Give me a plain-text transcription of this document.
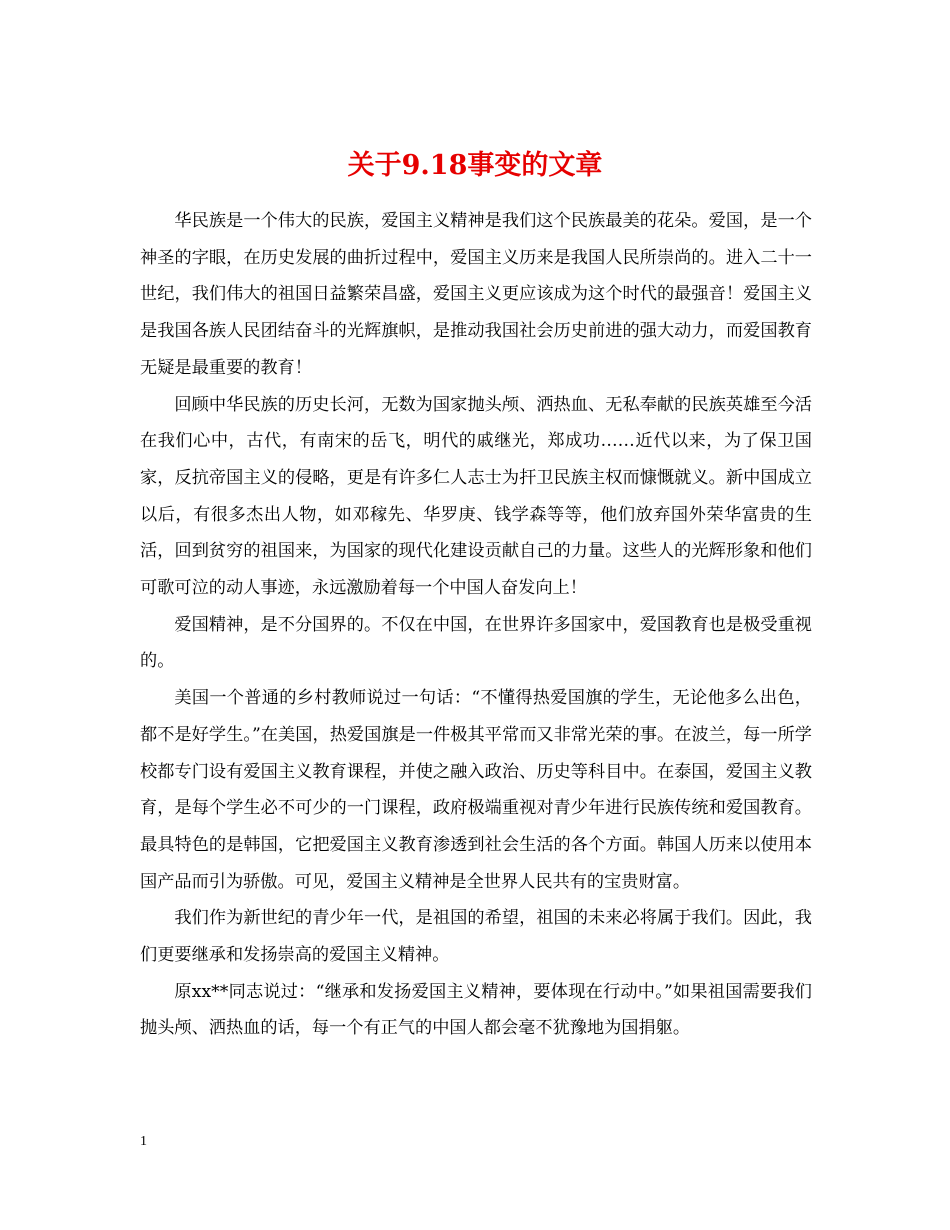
关于9.18事变的文章

华民族是一个伟大的民族，爱国主义精神是我们这个民族最美的花朵。爱国，是一个神圣的字眼，在历史发展的曲折过程中，爱国主义历来是我国人民所崇尚的。进入二十一世纪，我们伟大的祖国日益繁荣昌盛，爱国主义更应该成为这个时代的最强音！爱国主义是我国各族人民团结奋斗的光辉旗帜，是推动我国社会历史前进的强大动力，而爱国教育无疑是最重要的教育！

回顾中华民族的历史长河，无数为国家抛头颅、洒热血、无私奉献的民族英雄至今活在我们心中，古代，有南宋的岳飞，明代的戚继光，郑成功……近代以来，为了保卫国家，反抗帝国主义的侵略，更是有许多仁人志士为扞卫民族主权而慷慨就义。新中国成立以后，有很多杰出人物，如邓稼先、华罗庚、钱学森等等，他们放弃国外荣华富贵的生活，回到贫穷的祖国来，为国家的现代化建设贡献自己的力量。这些人的光辉形象和他们可歌可泣的动人事迹，永远激励着每一个中国人奋发向上！

爱国精神，是不分国界的。不仅在中国，在世界许多国家中，爱国教育也是极受重视的。

美国一个普通的乡村教师说过一句话：“不懂得热爱国旗的学生，无论他多么出色，都不是好学生。”在美国，热爱国旗是一件极其平常而又非常光荣的事。在波兰，每一所学校都专门设有爱国主义教育课程，并使之融入政治、历史等科目中。在泰国，爱国主义教育，是每个学生必不可少的一门课程，政府极端重视对青少年进行民族传统和爱国教育。最具特色的是韩国，它把爱国主义教育渗透到社会生活的各个方面。韩国人历来以使用本国产品而引为骄傲。可见，爱国主义精神是全世界人民共有的宝贵财富。

我们作为新世纪的青少年一代，是祖国的希望，祖国的未来必将属于我们。因此，我们更要继承和发扬崇高的爱国主义精神。

原xx**同志说过：“继承和发扬爱国主义精神，要体现在行动中。”如果祖国需要我们抛头颅、洒热血的话，每一个有正气的中国人都会毫不犹豫地为国捐躯。

1
